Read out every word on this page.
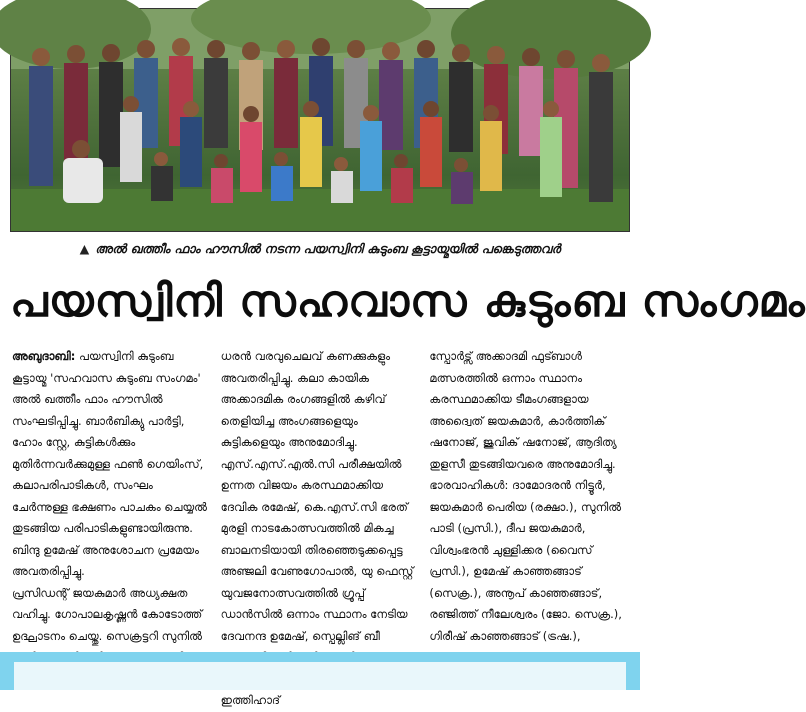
▲ അൽ ഖത്തീം ഫാം ഹൗസിൽ നടന്ന പയസ്വിനി കുടുംബ കൂട്ടായ്മയിൽ പങ്കെടുത്തവർ
പയസ്വിനി സഹവാസ കുടുംബ സംഗമം

അബുദാബി: പയസ്വിനി കുടുംബ കൂട്ടായ്മ 'സഹവാസ കുടുംബ സംഗമം' അൽ ഖത്തീം ഫാം ഹൗസിൽ സംഘടിപ്പിച്ചു. ബാർബിക്യു പാർട്ടി, ഹോം സ്റ്റേ, കുട്ടികൾക്കും മുതിർന്നവർക്കുമുള്ള ഫൺ ഗെയിംസ്, കലാപരിപാടികൾ, സംഘം ചേർന്നുള്ള ഭക്ഷണം പാചകം ചെയ്യൽ തുടങ്ങിയ പരിപാടികളുണ്ടായിരുന്നു. ബിന്ദു ഉമേഷ് അനുശോചന പ്രമേയം അവതരിപ്പിച്ചു.

പ്രസിഡന്റ് ജയകുമാർ അധ്യക്ഷത വഹിച്ചു. ഗോപാലകൃഷ്ണൻ കോടോത്ത് ഉദ്ഘാടനം ചെയ്തു. സെക്രട്ടറി സുനിൽ

ധരൻ വരവുചെലവ് കണക്കുകളും അവതരിപ്പിച്ചു. കലാ കായിക അക്കാദമിക രംഗങ്ങളിൽ കഴിവ് തെളിയിച്ച അംഗങ്ങളെയും കുട്ടികളെയും അനുമോദിച്ചു. എസ്.എസ്.എൽ.സി പരീക്ഷയിൽ ഉന്നത വിജയം കരസ്ഥമാക്കിയ ദേവിക രമേഷ്, കെ.എസ്.സി ഭരത് മുരളി നാടകോത്സവത്തിൽ മികച്ച ബാലനടിയായി തിരഞ്ഞെടുക്കപ്പെട്ട അഞ്ജലി വേണുഗോപാൽ, യു ഫെസ്റ്റ് യുവജനോത്സവത്തിൽ ഗ്രൂപ്പ് ഡാൻസിൽ ഒന്നാം സ്ഥാനം നേടിയ ദേവനന്ദ ഉമേഷ്, സ്പെല്ലിങ് ബീ ഇത്തിഹാദ്

സ്പോർട്സ് അക്കാദമി ഫുട്ബാൾ മത്സരത്തിൽ ഒന്നാം സ്ഥാനം കരസ്ഥമാക്കിയ ടീമംഗങ്ങളായ അദ്വൈത് ജയകുമാർ, കാർത്തിക് ഷനോജ്, ജുവിക് ഷനോജ്, ആദിത്യ തുളസീ തുടങ്ങിയവരെ അനുമോദിച്ചു.

ഭാരവാഹികൾ: ദാമോദരൻ നിട്ടൂർ, ജയകുമാർ പെരിയ (രക്ഷാ.), സുനിൽ പാടി (പ്രസി.), ദീപ ജയകുമാർ, വിശ്വംഭരൻ ചുള്ളിക്കര (വൈസ് പ്രസി.), ഉമേഷ് കാഞ്ഞങ്ങാട് (സെക്ര.), അനൂപ് കാഞ്ഞങ്ങാട്, രഞ്ജിത്ത് നീലേശ്വരം (ജോ. സെക്ര.), ഗിരീഷ് കാഞ്ഞങ്ങാട് (ട്രഷ.),
